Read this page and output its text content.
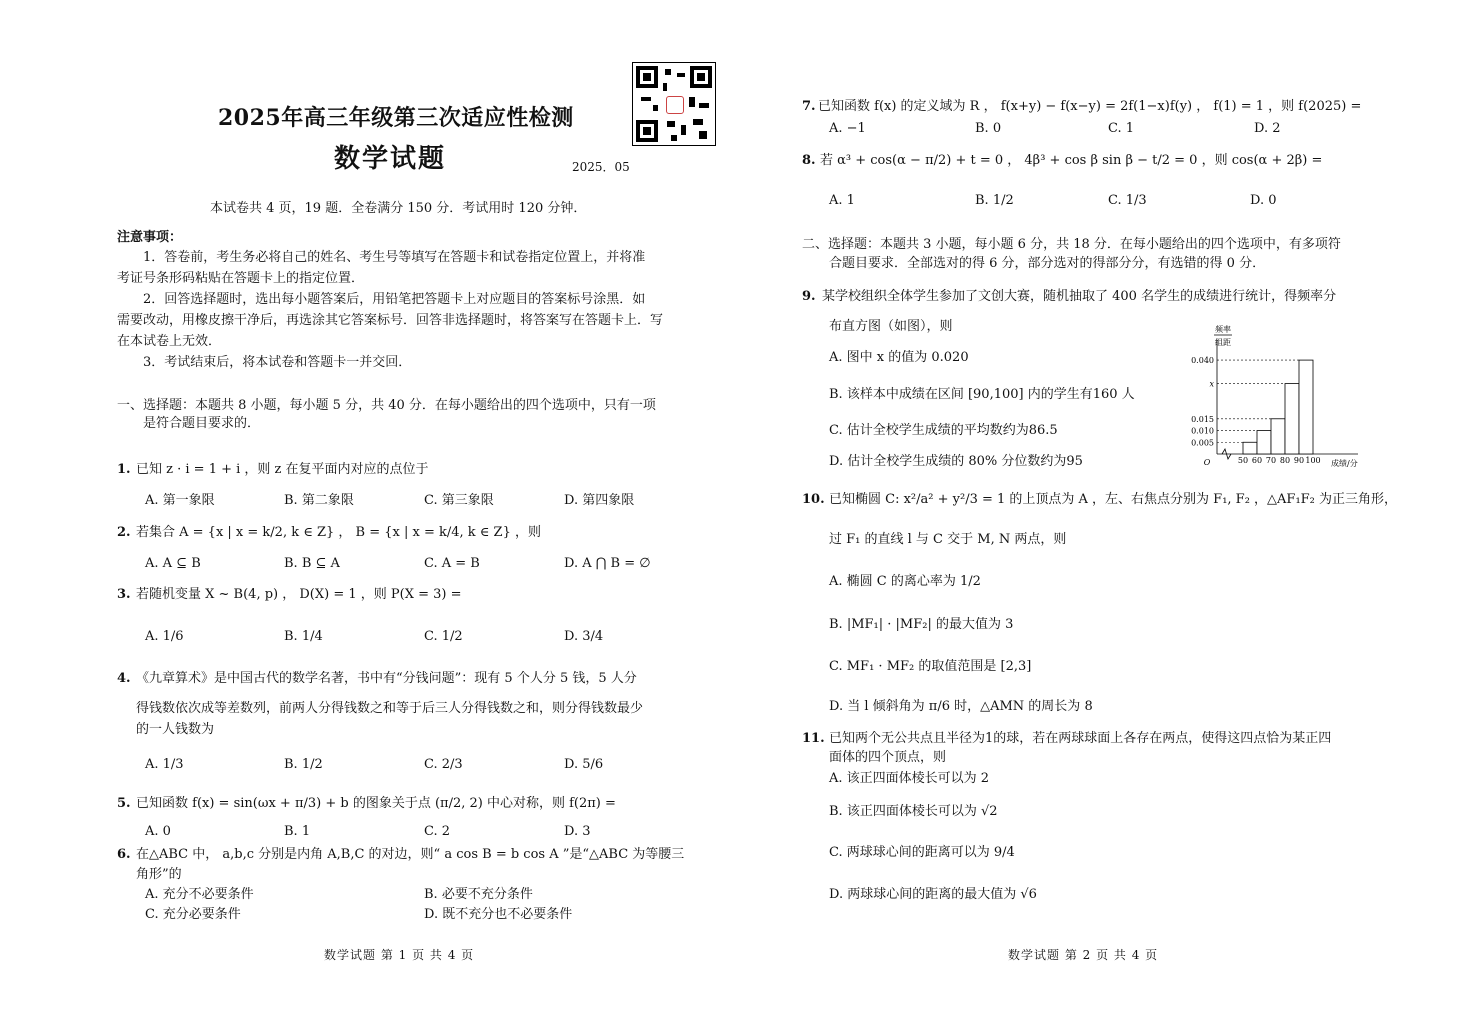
2025年高三年级第三次适应性检测
数学试题	2025．05
本试卷共 4 页，19 题．全卷满分 150 分．考试用时 120 分钟．
注意事项：
1．答卷前，考生务必将自己的姓名、考生号等填写在答题卡和试卷指定位置上，并将准
考证号条形码粘贴在答题卡上的指定位置．
2．回答选择题时，选出每小题答案后，用铅笔把答题卡上对应题目的答案标号涂黑．如
需要改动，用橡皮擦干净后，再选涂其它答案标号．回答非选择题时，将答案写在答题卡上．写
在本试卷上无效．
3．考试结束后，将本试卷和答题卡一并交回．
一、选择题：本题共 8 小题，每小题 5 分，共 40 分．在每小题给出的四个选项中，只有一项
是符合题目要求的．
1. 已知 z · i = 1 + i ，则 z 在复平面内对应的点位于
A. 第一象限	B. 第二象限	C. 第三象限	D. 第四象限
2. 若集合 A = {x | x = k/2, k ∈ Z} ， B = {x | x = k/4, k ∈ Z} ，则
A. A ⊆ B	B. B ⊆ A	C. A = B	D. A ⋂ B = ∅
3. 若随机变量 X ~ B(4, p) ， D(X) = 1 ，则 P(X = 3) =
A. 1/6	B. 1/4	C. 1/2	D. 3/4
4. 《九章算术》是中国古代的数学名著，书中有“分钱问题”：现有 5 个人分 5 钱，5 人分
得钱数依次成等差数列，前两人分得钱数之和等于后三人分得钱数之和，则分得钱数最少
的一人钱数为
A. 1/3	B. 1/2	C. 2/3	D. 5/6
5. 已知函数 f(x) = sin(ωx + π/3) + b 的图象关于点 (π/2, 2) 中心对称，则 f(2π) =
A. 0	B. 1	C. 2	D. 3
6. 在△ABC 中， a,b,c 分别是内角 A,B,C 的对边，则“ a cos B = b cos A ”是“△ABC 为等腰三
角形”的
A. 充分不必要条件	B. 必要不充分条件
C. 充分必要条件	D. 既不充分也不必要条件
数学试题 第 1 页 共 4 页
7. 已知函数 f(x) 的定义域为 R ， f(x+y) − f(x−y) = 2f(1−x)f(y) ， f(1) = 1 ，则 f(2025) =
A. −1	B. 0	C. 1	D. 2
8. 若 α³ + cos(α − π/2) + t = 0 ， 4β³ + cos β sin β − t/2 = 0 ，则 cos(α + 2β) =
A. 1	B. 1/2	C. 1/3	D. 0
二、选择题：本题共 3 小题，每小题 6 分，共 18 分．在每小题给出的四个选项中，有多项符
合题目要求．全部选对的得 6 分，部分选对的得部分分，有选错的得 0 分．
9. 某学校组织全体学生参加了文创大赛，随机抽取了 400 名学生的成绩进行统计，得频率分
布直方图（如图），则
A. 图中 x 的值为 0.020
B. 该样本中成绩在区间 [90,100] 内的学生有160 人
C. 估计全校学生成绩的平均数约为86.5
D. 估计全校学生成绩的 80% 分位数约为95
频率
组距
O	成绩/分
0.005
0.010
0.015
x
0.040
50 60 70 80 90 100
10. 已知椭圆 C: x²/a² + y²/3 = 1 的上顶点为 A ，左、右焦点分别为 F₁, F₂ ，△AF₁F₂ 为正三角形，
过 F₁ 的直线 l 与 C 交于 M, N 两点，则
A. 椭圆 C 的离心率为 1/2
B. |MF₁| · |MF₂| 的最大值为 3
C. MF₁ · MF₂ 的取值范围是 [2,3]
D. 当 l 倾斜角为 π/6 时，△AMN 的周长为 8
11. 已知两个无公共点且半径为1的球，若在两球球面上各存在两点，使得这四点恰为某正四
面体的四个顶点，则
A. 该正四面体棱长可以为 2
B. 该正四面体棱长可以为 √2
C. 两球球心间的距离可以为 9/4
D. 两球球心间的距离的最大值为 √6
数学试题 第 2 页 共 4 页
